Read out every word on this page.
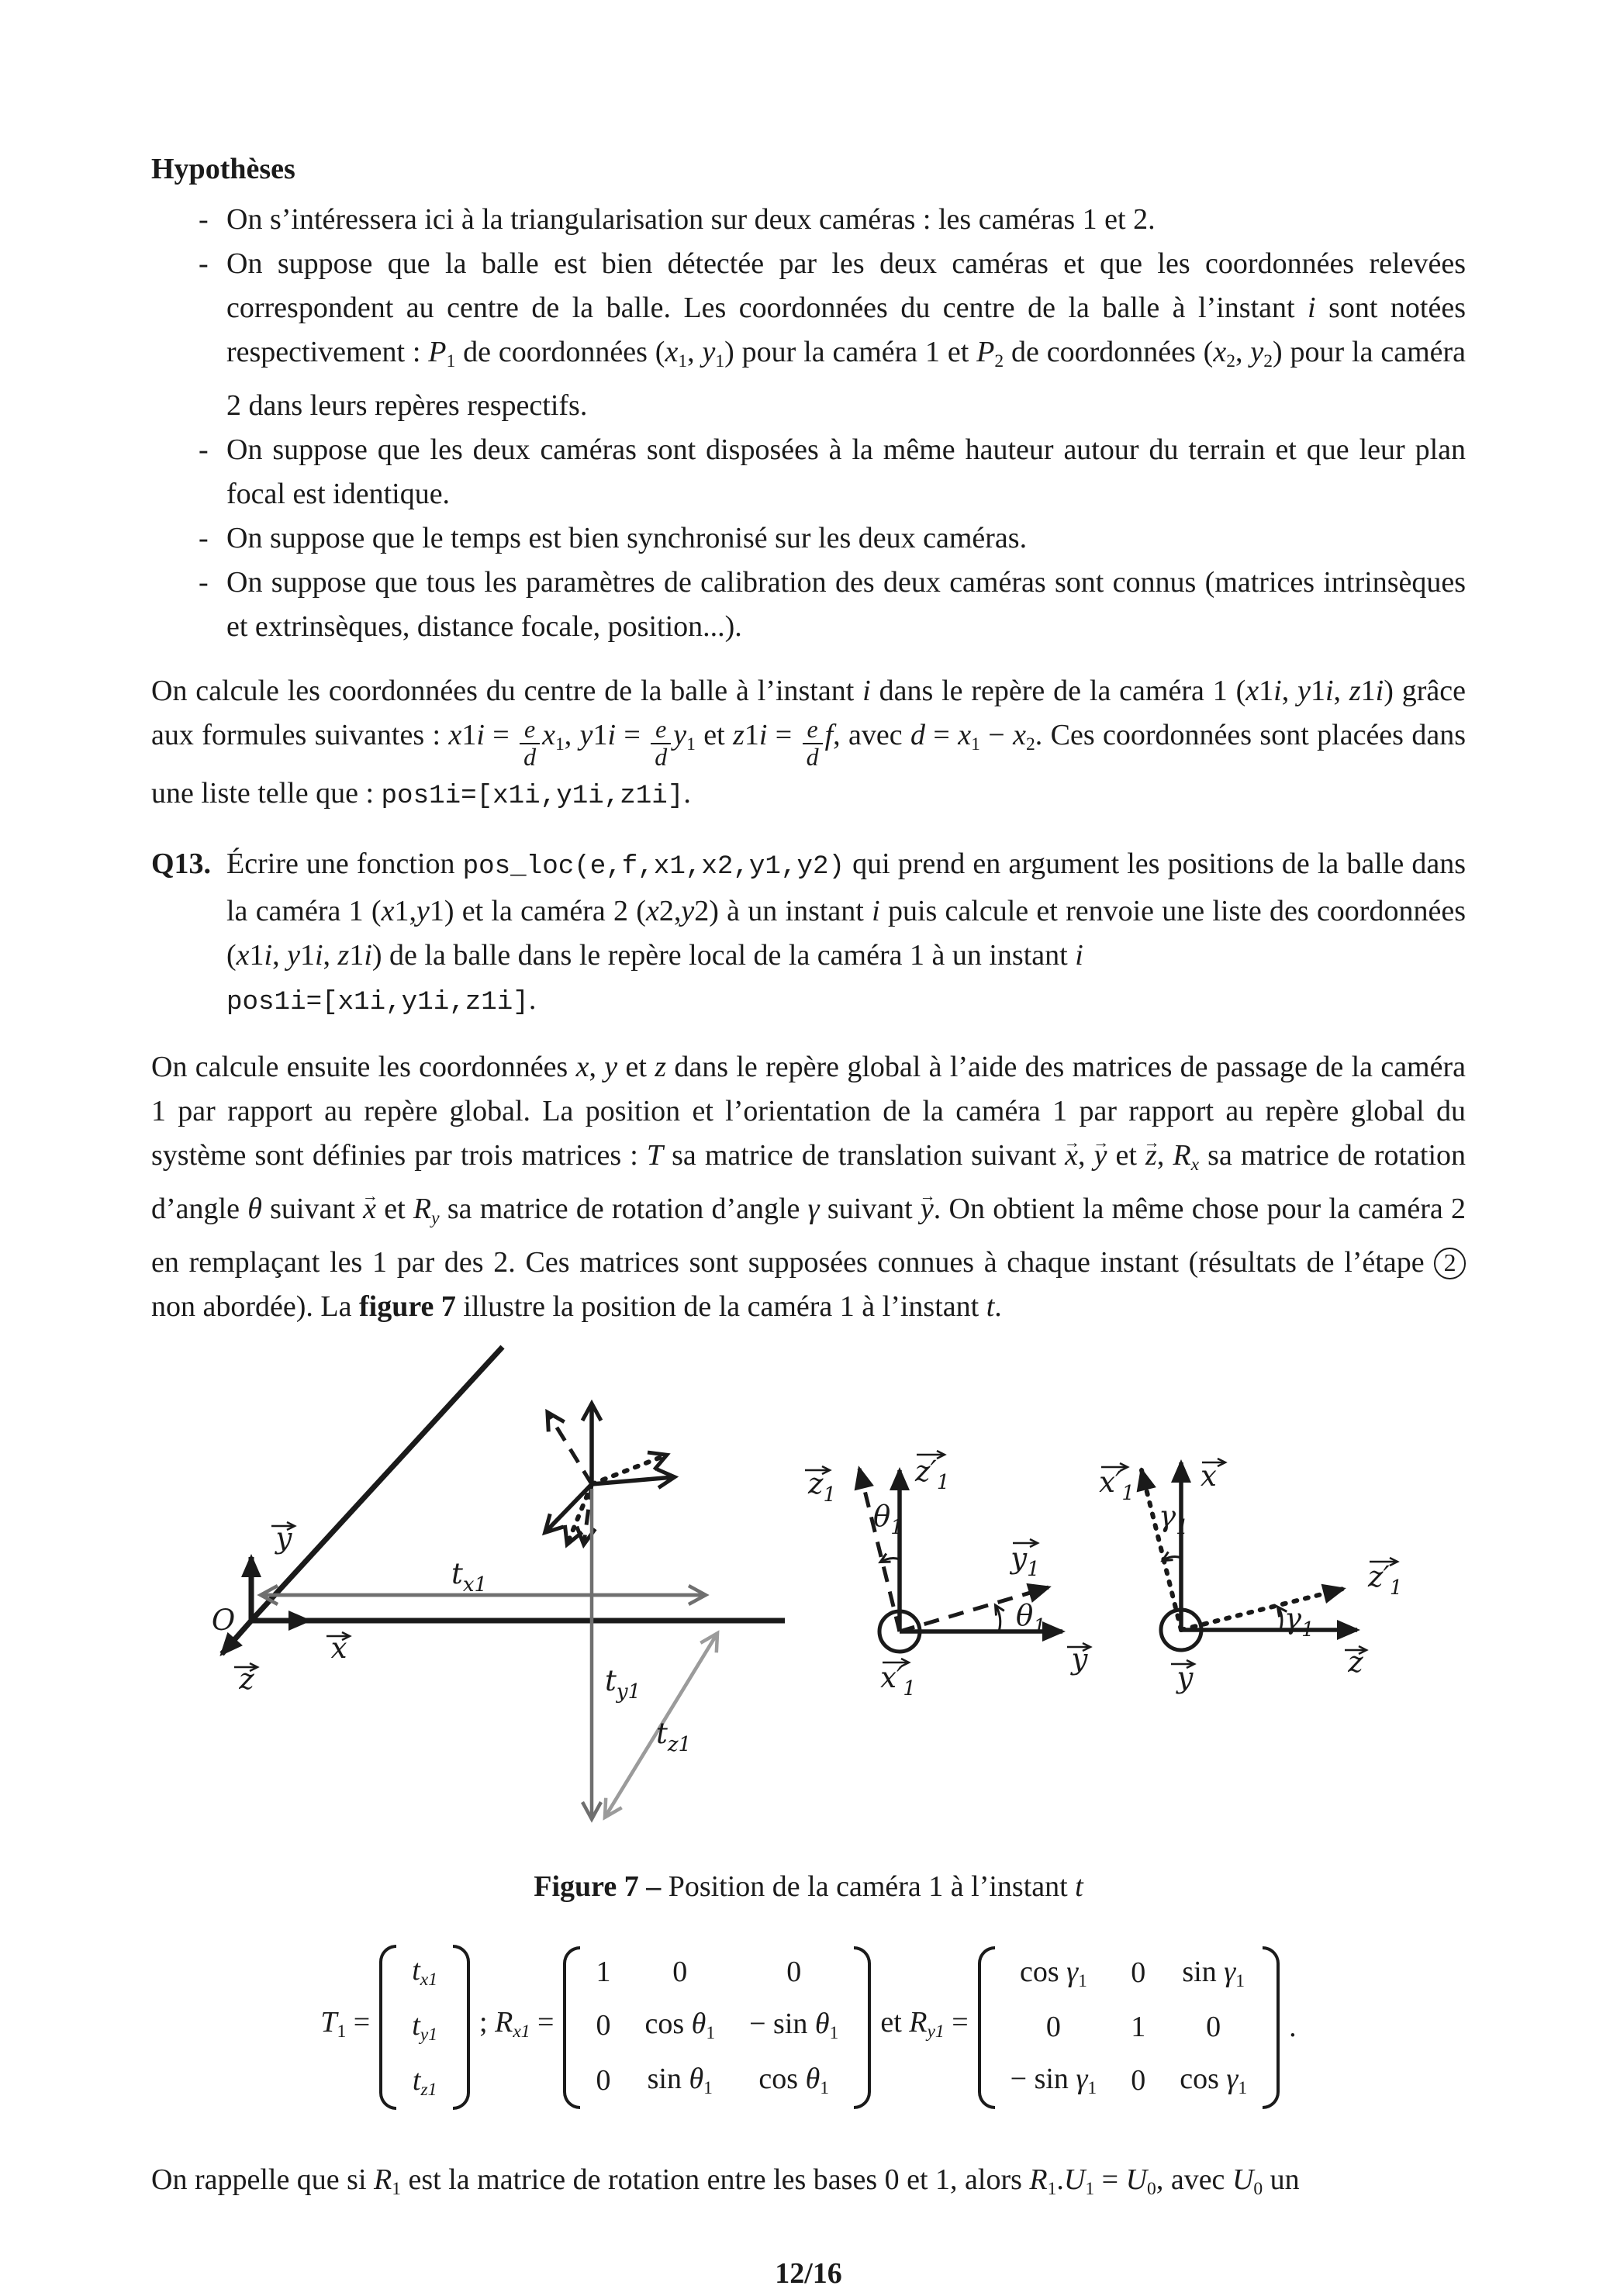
Hypothèses
- On s’intéressera ici à la triangularisation sur deux caméras : les caméras 1 et 2.
- On suppose que la balle est bien détectée par les deux caméras et que les coordonnées relevées correspondent au centre de la balle. Les coordonnées du centre de la balle à l’instant i sont notées respectivement : P1 de coordonnées (x1, y1) pour la caméra 1 et P2 de coordonnées (x2, y2) pour la caméra 2 dans leurs repères respectifs.
- On suppose que les deux caméras sont disposées à la même hauteur autour du terrain et que leur plan focal est identique.
- On suppose que le temps est bien synchronisé sur les deux caméras.
- On suppose que tous les paramètres de calibration des deux caméras sont connus (matrices intrinsèques et extrinsèques, distance focale, position...).
On calcule les coordonnées du centre de la balle à l’instant i dans le repère de la caméra 1 (x1i, y1i, z1i) grâce aux formules suivantes : $x1i = \frac{e}{d} x1$, $y1i = \frac{e}{d} y1$ et $z1i = \frac{e}{d} f$, avec d = x1 − x2. Ces coordonnées sont placées dans une liste telle que : pos1i=[x1i,y1i,z1i].
Q13. Écrire une fonction pos_loc(e,f,x1,x2,y1,y2) qui prend en argument les positions de la balle dans la caméra 1 (x1,y1) et la caméra 2 (x2,y2) à un instant i puis calcule et renvoie une liste des coordonnées (x1i, y1i, z1i) de la balle dans le repère local de la caméra 1 à un instant i
pos1i=[x1i,y1i,z1i].
On calcule ensuite les coordonnées x, y et z dans le repère global à l’aide des matrices de passage de la caméra 1 par rapport au repère global. La position et l’orientation de la caméra 1 par rapport au repère global du système sont définies par trois matrices : T sa matrice de translation suivant x →, y → et z →, Rx sa matrice de rotation d’angle θ suivant x → et Ry sa matrice de rotation d’angle γ suivant y →. On obtient la même chose pour la caméra 2 en remplaçant les 1 par des 2. Ces matrices sont supposées connues à chaque instant (résultats de l’étape 2 non abordée). La figure 7 illustre la position de la caméra 1 à l’instant t.
O
y
x
z
$t_{x1}$
$t_{y1}$
$t_{z1}$
$z_1$
$z'_1$
$\theta_1$
$y_1$
y
$\theta_1$
$x'_1$
$x'_1$
x
$\gamma_1$
$z'_1$
z
$\gamma_1$
y
Figure 7 – Position de la caméra 1 à l’instant t
T1 =
tx1
ty1
tz1
; Rx1 =
1 0	0
0 cos θ1 − sin θ1
0 sin θ1 cos θ1
et Ry1 =
cos γ1 0 sin γ1
0 1 0
− sin γ1 0 cos γ1
.
On rappelle que si R1 est la matrice de rotation entre les bases 0 et 1, alors R1.U1 = U0, avec U0 un
12/16
